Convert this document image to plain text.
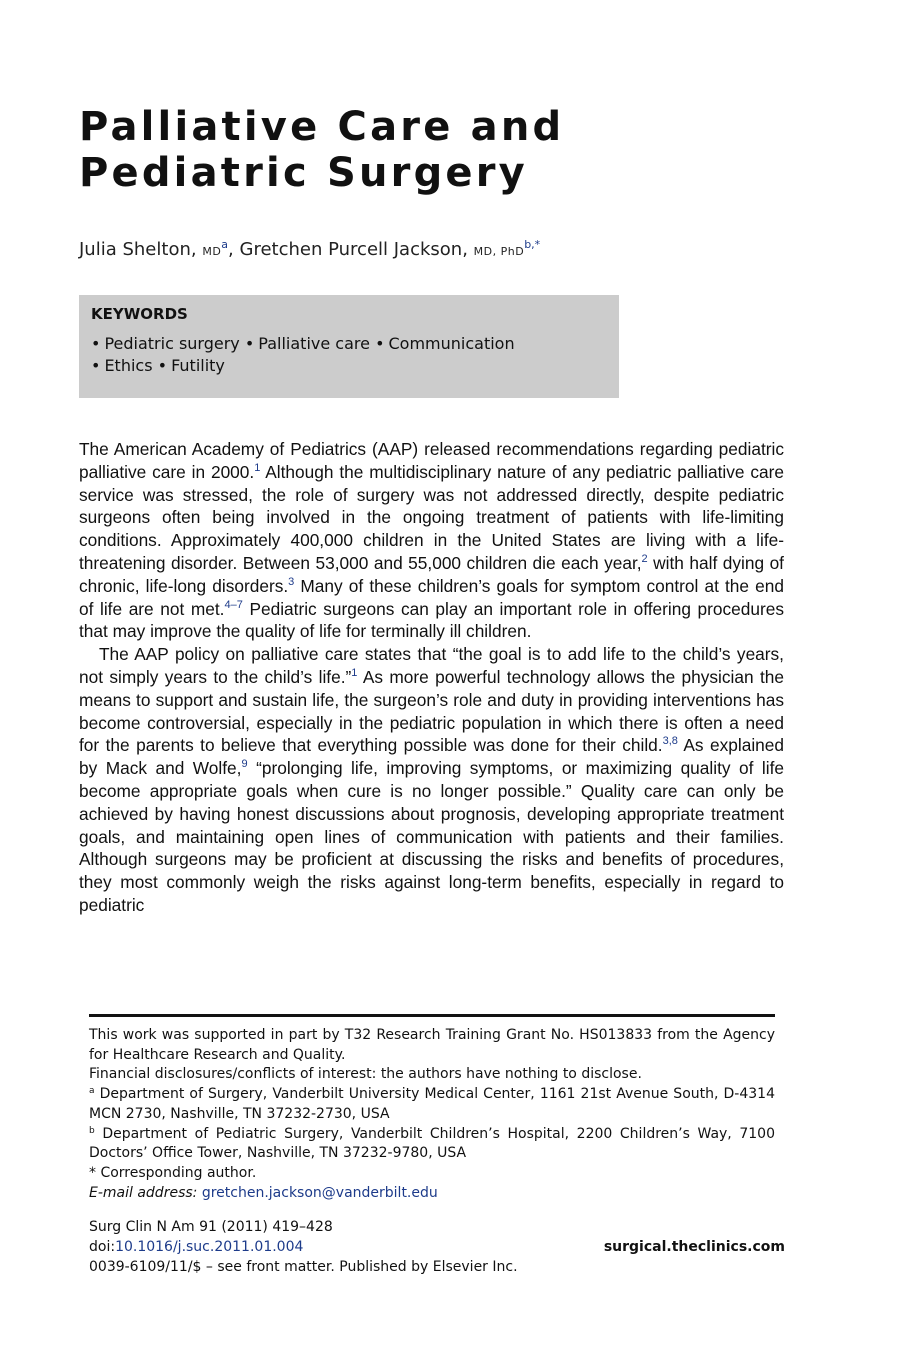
Palliative Care and
Pediatric Surgery
Julia Shelton, $MD^a$, Gretchen Purcell Jackson, MD, PhD$^{b,*}$
KEYWORDS
• Pediatric surgery • Palliative care • Communication
• Ethics • Futility

The American Academy of Pediatrics (AAP) released recommendations regarding pediatric palliative care in 2000.$^1$ Although the multidisciplinary nature of any pediatric palliative care service was stressed, the role of surgery was not addressed directly, despite pediatric surgeons often being involved in the ongoing treatment of patients with life-limiting conditions. Approximately 400,000 children in the United States are living with a life-threatening disorder. Between 53,000 and 55,000 children die each year,$^2$ with half dying of chronic, life-long disorders.$^3$ Many of these children’s goals for symptom control at the end of life are not met.$^{4-7}$ Pediatric surgeons can play an important role in offering procedures that may improve the quality of life for terminally ill children.

The AAP policy on palliative care states that “the goal is to add life to the child’s years, not simply years to the child’s life.”$^1$ As more powerful technology allows the physician the means to support and sustain life, the surgeon’s role and duty in providing interventions has become controversial, especially in the pediatric population in which there is often a need for the parents to believe that everything possible was done for their child.$^{3,8}$ As explained by Mack and Wolfe,$^9$ “prolonging life, improving symptoms, or maximizing quality of life become appropriate goals when cure is no longer possible.” Quality care can only be achieved by having honest discussions about prognosis, developing appropriate treatment goals, and maintaining open lines of communication with patients and their families. Although surgeons may be proficient at discussing the risks and benefits of procedures, they most commonly weigh the risks against long-term benefits, especially in regard to pediatric

This work was supported in part by T32 Research Training Grant No. HS013833 from the Agency for Healthcare Research and Quality.

Financial disclosures/conflicts of interest: the authors have nothing to disclose.

$^a$ Department of Surgery, Vanderbilt University Medical Center, 1161 21st Avenue South, D-4314 MCN 2730, Nashville, TN 37232-2730, USA

$^b$ Department of Pediatric Surgery, Vanderbilt Children’s Hospital, 2200 Children’s Way, 7100 Doctors’ Office Tower, Nashville, TN 37232-9780, USA

* Corresponding author.

E-mail address: gretchen.jackson@vanderbilt.edu

Surg Clin N Am 91 (2011) 419–428
doi:10.1016/j.suc.2011.01.004
0039-6109/11/$ – see front matter. Published by Elsevier Inc.
surgical.theclinics.com
